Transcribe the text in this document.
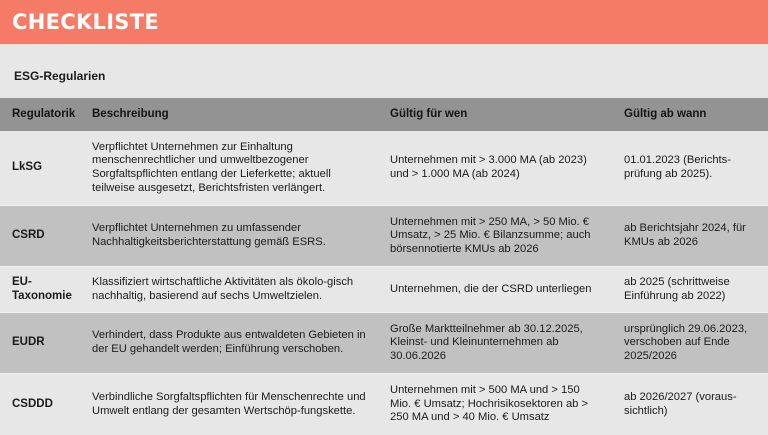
CHECKLISTE
ESG-Regularien
Regulatorik	Beschreibung	Gültig für wen	Gültig ab wann
LkSG	Verpflichtet Unternehmen zur Einhaltung menschenrechtlicher und umweltbezogener Sorgfaltspflichten entlang der Lieferkette; aktuell teilweise ausgesetzt, Berichtsfristen verlängert.	Unternehmen mit > 3.000 MA (ab 2023) und > 1.000 MA (ab 2024)	01.01.2023 (Berichts-prüfung ab 2025).

CSRD	Verpflichtet Unternehmen zu umfassender Nachhaltigkeitsberichterstattung gemäß ESRS.	Unternehmen mit > 250 MA, > 50 Mio. € Umsatz, > 25 Mio. € Bilanzsumme; auch börsennotierte KMUs ab 2026	ab Berichtsjahr 2024, für KMUs ab 2026

EU-Taxonomie	Klassifiziert wirtschaftliche Aktivitäten als ökolo-gisch nachhaltig, basierend auf sechs Umweltzielen.	Unternehmen, die der CSRD unterliegen	ab 2025 (schrittweise Einführung ab 2022)

EUDR	Verhindert, dass Produkte aus entwaldeten Gebieten in der EU gehandelt werden; Einführung verschoben.	Große Marktteilnehmer ab 30.12.2025, Kleinst- und Kleinunternehmen ab 30.06.2026	ursprünglich 29.06.2023, verschoben auf Ende 2025/2026

CSDDD	Verbindliche Sorgfaltspflichten für Menschenrechte und Umwelt entlang der gesamten Wertschöp-fungskette.	Unternehmen mit > 500 MA und > 150 Mio. € Umsatz; Hochrisikosektoren ab > 250 MA und > 40 Mio. € Umsatz	ab 2026/2027 (voraus-sichtlich)
